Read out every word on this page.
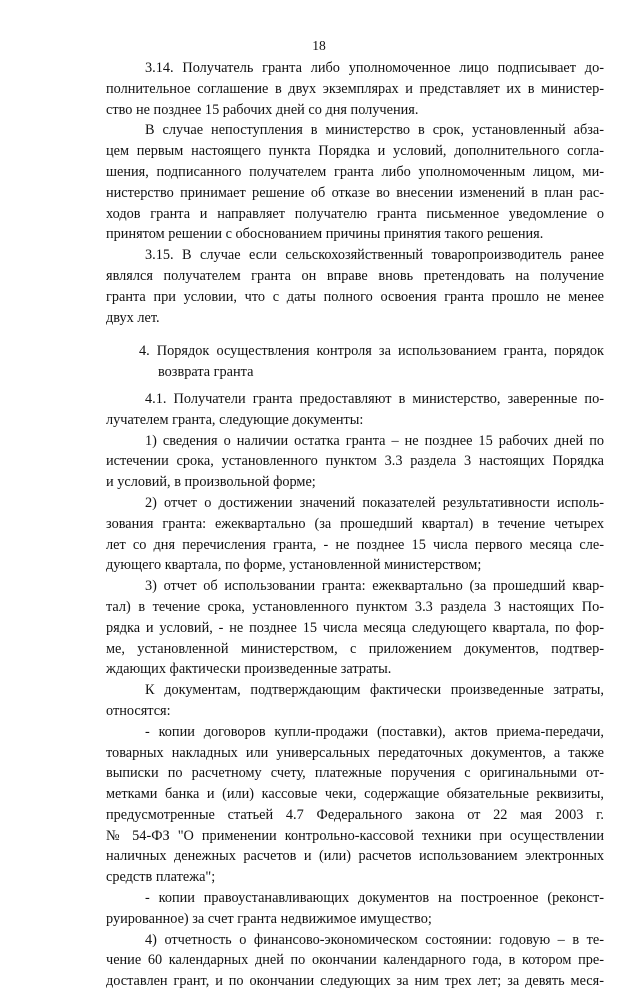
18
3.14. Получатель гранта либо уполномоченное лицо подписывает до-
полнительное соглашение в двух экземплярах и представляет их в министер-
ство не позднее 15 рабочих дней со дня получения.
В случае непоступления в министерство в срок, установленный абза-
цем первым настоящего пункта Порядка и условий, дополнительного согла-
шения, подписанного получателем гранта либо уполномоченным лицом, ми-
нистерство принимает решение об отказе во внесении изменений в план рас-
ходов гранта и направляет получателю гранта письменное уведомление о
принятом решении с обоснованием причины принятия такого решения.
3.15. В случае если сельскохозяйственный товаропроизводитель ранее
являлся получателем гранта он вправе вновь претендовать на получение
гранта при условии, что с даты полного освоения гранта прошло не менее
двух лет.
4. Порядок осуществления контроля за использованием гранта, порядок
возврата гранта
4.1. Получатели гранта предоставляют в министерство, заверенные по-
лучателем гранта, следующие документы:
1) сведения о наличии остатка гранта – не позднее 15 рабочих дней по
истечении срока, установленного пунктом 3.3 раздела 3 настоящих Порядка
и условий, в произвольной форме;
2) отчет о достижении значений показателей результативности исполь-
зования гранта: ежеквартально (за прошедший квартал) в течение четырех
лет со дня перечисления гранта, - не позднее 15 числа первого месяца сле-
дующего квартала, по форме, установленной министерством;
3) отчет об использовании гранта: ежеквартально (за прошедший квар-
тал) в течение срока, установленного пунктом 3.3 раздела 3 настоящих По-
рядка и условий, - не позднее 15 числа месяца следующего квартала, по фор-
ме, установленной министерством, с приложением документов, подтвер-
ждающих фактически произведенные затраты.
К документам, подтверждающим фактически произведенные затраты,
относятся:
- копии договоров купли-продажи (поставки), актов приема-передачи,
товарных накладных или универсальных передаточных документов, а также
выписки по расчетному счету, платежные поручения с оригинальными от-
метками банка и (или) кассовые чеки, содержащие обязательные реквизиты,
предусмотренные статьей 4.7 Федерального закона от 22 мая 2003 г.
№ 54-ФЗ "О применении контрольно-кассовой техники при осуществлении
наличных денежных расчетов и (или) расчетов использованием электронных
средств платежа";
- копии правоустанавливающих документов на построенное (реконст-
руированное) за счет гранта недвижимое имущество;
4) отчетность о финансово-экономическом состоянии: годовую – в те-
чение 60 календарных дней по окончании календарного года, в котором пре-
доставлен грант, и по окончании следующих за ним трех лет; за девять меся-
